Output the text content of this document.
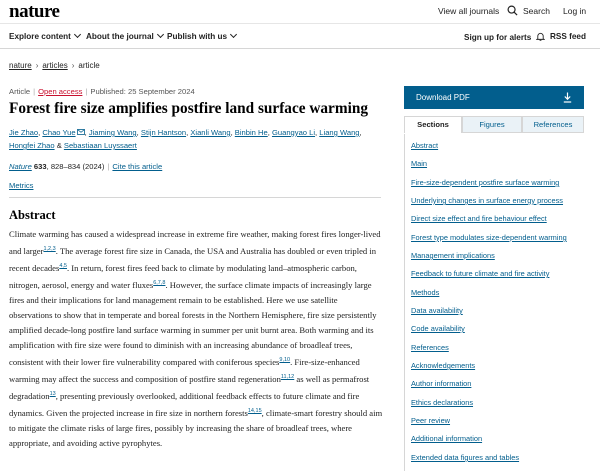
nature	View all journals	Search Log in
Explore content	About the journal	Publish with us	Sign up for alerts	RSS feed
nature › articles › article
Article | Open access | Published: 25 September 2024
Forest fire size amplifies postfire land surface warming
Jie Zhao, Chao Yue , Jiaming Wang, Stijn Hantson, Xianli Wang, Binbin He, Guangyao Li, Liang Wang,
Hongfei Zhao & Sebastiaan Luyssaert
Nature 633, 828–834 (2024) | Cite this article
Metrics
Abstract

Climate warming has caused a widespread increase in extreme fire weather, making forest fires longer-lived and larger$^{1,2,3}$. The average forest fire size in Canada, the USA and Australia has doubled or even tripled in recent decades$^{4,5}$. In return, forest fires feed back to climate by modulating land–atmospheric carbon, nitrogen, aerosol, energy and water fluxes$^{6,7,8}$. However, the surface climate impacts of increasingly large fires and their implications for land management remain to be established. Here we use satellite observations to show that in temperate and boreal forests in the Northern Hemisphere, fire size persistently amplified decade-long postfire land surface warming in summer per unit burnt area. Both warming and its amplification with fire size were found to diminish with an increasing abundance of broadleaf trees, consistent with their lower fire vulnerability compared with coniferous species$^{9,10}$. Fire-size-enhanced warming may affect the success and composition of postfire stand regeneration$^{11,12}$ as well as permafrost degradation$^{13}$, presenting previously overlooked, additional feedback effects to future climate and fire dynamics. Given the projected increase in fire size in northern forests$^{14,15}$, climate-smart forestry should aim to mitigate the climate risks of large fires, possibly by increasing the share of broadleaf trees, where appropriate, and avoiding active pyrophytes.

Download PDF
Sections	Figures	References
Abstract
Main
Fire-size-dependent postfire surface warming
Underlying changes in surface energy process
Direct size effect and fire behaviour effect
Forest type modulates size-dependent warming
Management implications
Feedback to future climate and fire activity
Methods
Data availability
Code availability
References
Acknowledgements
Author information
Ethics declarations
Peer review
Additional information
Extended data figures and tables
